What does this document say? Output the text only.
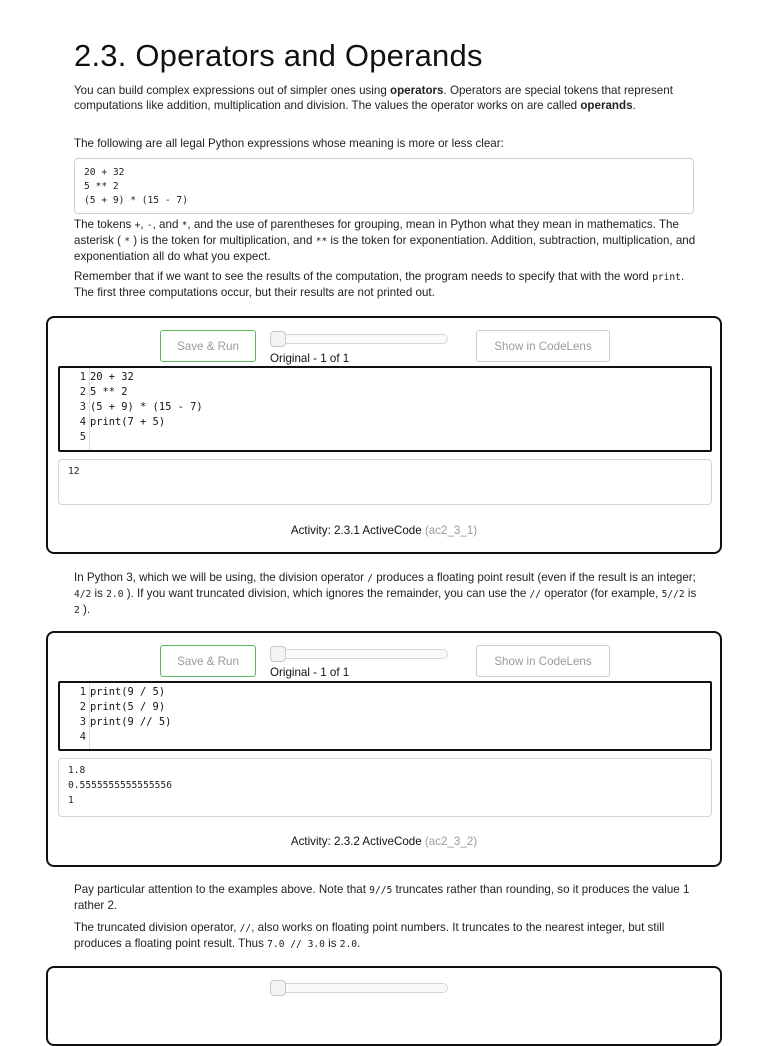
2.3. Operators and Operands

You can build complex expressions out of simpler ones using operators. Operators are special tokens that represent computations like addition, multiplication and division. The values the operator works on are called operands.

The following are all legal Python expressions whose meaning is more or less clear:

20 + 32
5 ** 2
(5 + 9) * (15 - 7)

The tokens +, -, and *, and the use of parentheses for grouping, mean in Python what they mean in mathematics. The asterisk ( * ) is the token for multiplication, and ** is the token for exponentiation. Addition, subtraction, multiplication, and exponentiation all do what you expect.

Remember that if we want to see the results of the computation, the program needs to specify that with the word print. The first three computations occur, but their results are not printed out.

Save & Run
Original - 1 of 1
Show in CodeLens
1
2
3
4
5
20 + 32
5 ** 2
(5 + 9) * (15 - 7)
print(7 + 5)
12
Activity: 2.3.1 ActiveCode (ac2_3_1)

In Python 3, which we will be using, the division operator / produces a floating point result (even if the result is an integer; 4/2 is 2.0 ). If you want truncated division, which ignores the remainder, you can use the // operator (for example, 5//2 is 2 ).

Save & Run
Original - 1 of 1
Show in CodeLens
1
2
3
4
print(9 / 5)
print(5 / 9)
print(9 // 5)
1.8
0.5555555555555556
1
Activity: 2.3.2 ActiveCode (ac2_3_2)

Pay particular attention to the examples above. Note that 9//5 truncates rather than rounding, so it produces the value 1 rather 2.

The truncated division operator, //, also works on floating point numbers. It truncates to the nearest integer, but still produces a floating point result. Thus 7.0 // 3.0 is 2.0.
